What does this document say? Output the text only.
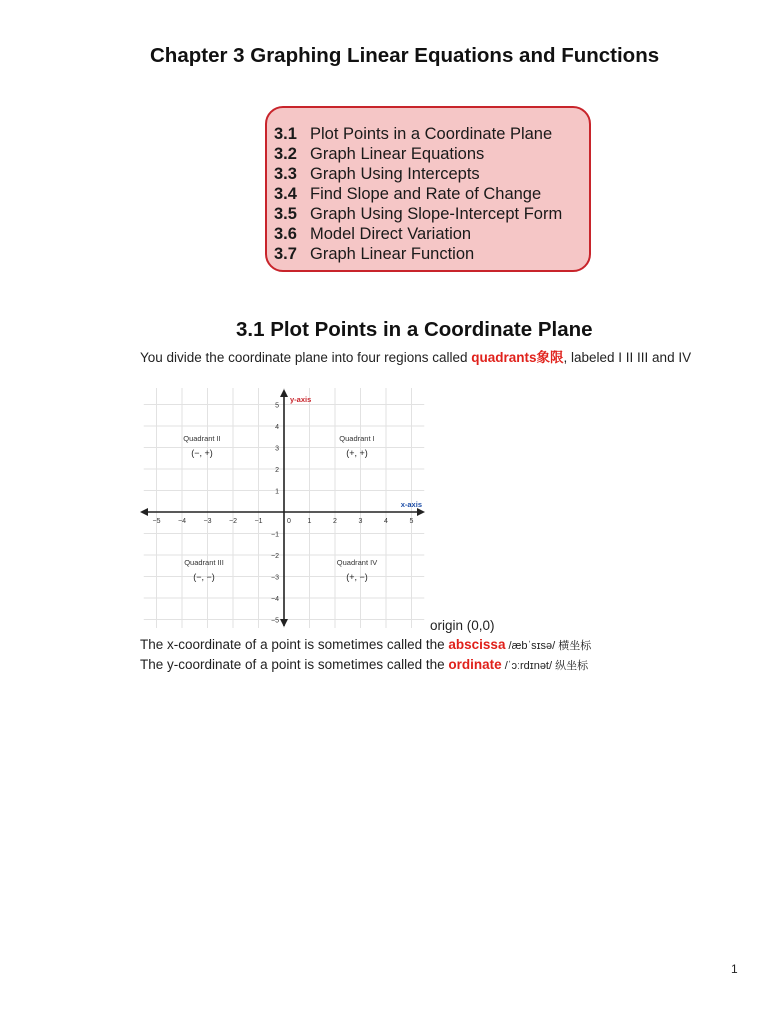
Chapter 3 Graphing Linear Equations and Functions
3.1 Plot Points in a Coordinate Plane
3.2 Graph Linear Equations
3.3 Graph Using Intercepts
3.4 Find Slope and Rate of Change
3.5 Graph Using Slope-Intercept Form
3.6 Model Direct Variation
3.7 Graph Linear Function
3.1 Plot Points in a Coordinate Plane
You divide the coordinate plane into four regions called quadrants象限, labeled I II III and IV
−5	−4	−3	−2	−1	0 1	2	3	4	5
1
2
3
4
5
−1
−2
−3
−4
−5
y-axis
x-axis
Quadrant I
(+, +)
Quadrant II
(−, +)
Quadrant III
(−, −)
Quadrant IV
(+, −)
origin (0,0)
The x-coordinate of a point is sometimes called the abscissa /æbˈsɪsə/ 横坐标
The y-coordinate of a point is sometimes called the ordinate /ˈɔːrdɪnət/ 纵坐标
1
